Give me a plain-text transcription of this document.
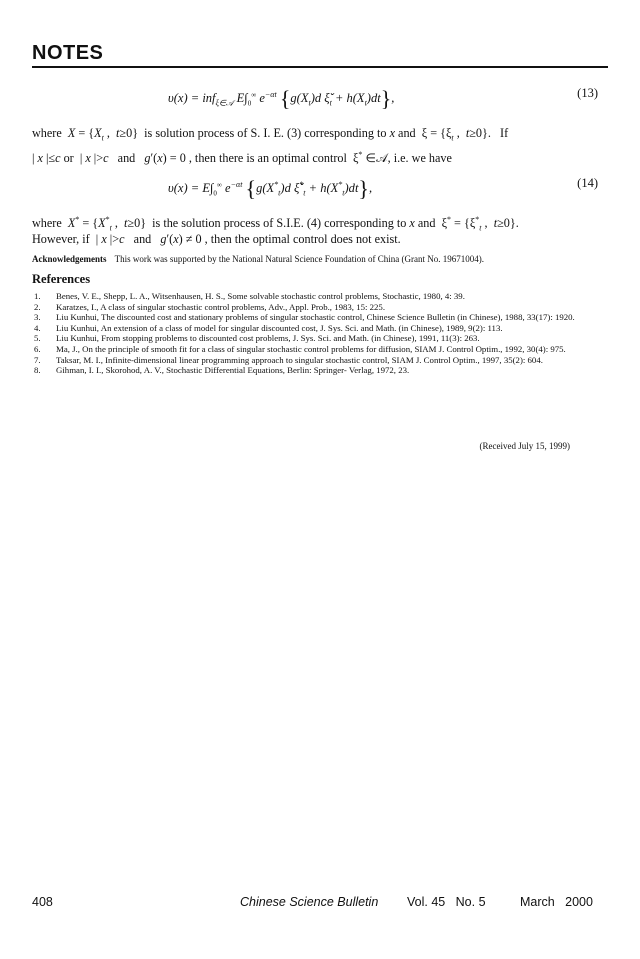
NOTES
υ(x) = inf$_{\xi\in 𝒜}$ $E\int_0^\infty$ $e^{-\alpha t}$ {$g(X_t)d$ $\xǐ_t + h(X_t)dt$},	(13)
where  $X = \{X_t$ ,  t≥0}  is solution process of S. I. E. (3) corresponding to x and  $\xi = \{\xi_t$ ,  t≥0}.   If
| x |≤c or  | x |>c   and   g′(x) = 0 , then there is an optimal control  ξ* ∈𝒜, i.e. we have
$\upsilon(x) = E\int_0^\infty$ $e^{-\alpha t}$ {$g(X^*_t)d$ $\xǐ^*_t + h(X^*_t)dt$},	(14)
where  $X^* = \{X^*_t$ ,  t≥0}  is the solution process of S.I.E. (4) corresponding to x and  $\xi^* = \{\xi^*_t$ ,  t≥0}.
However, if  | x |>c   and   g′(x) ≠ 0 , then the optimal control does not exist.
Acknowledgements This work was supported by the National Natural Science Foundation of China (Grant No. 19671004).
References
1. Benes, V. E., Shepp, L. A., Witsenhausen, H. S., Some solvable stochastic control problems, Stochastic, 1980, 4: 39.
2. Karatzes, I., A class of singular stochastic control problems, Adv., Appl. Prob., 1983, 15: 225.
3. Liu Kunhui, The discounted cost and stationary problems of singular stochastic control, Chinese Science Bulletin (in Chinese), 1988, 33(17): 1920.
4. Liu Kunhui, An extension of a class of model for singular discounted cost, J. Sys. Sci. and Math. (in Chinese), 1989, 9(2): 113.
5. Liu Kunhui, From stopping problems to discounted cost problems, J. Sys. Sci. and Math. (in Chinese), 1991, 11(3): 263.
6. Ma, J., On the principle of smooth fit for a class of singular stochastic control problems for diffusion, SIAM J. Control Optim., 1992, 30(4): 975.
7. Taksar, M. I., Infinite-dimensional linear programming approach to singular stochastic control, SIAM J. Control Optim., 1997, 35(2): 604.
8. Gihman, I. I., Skorohod, A. V., Stochastic Differential Equations, Berlin: Springer- Verlag, 1972, 23.
(Received July 15, 1999)
408	Chinese Science Bulletin Vol. 45   No. 5	March   2000
